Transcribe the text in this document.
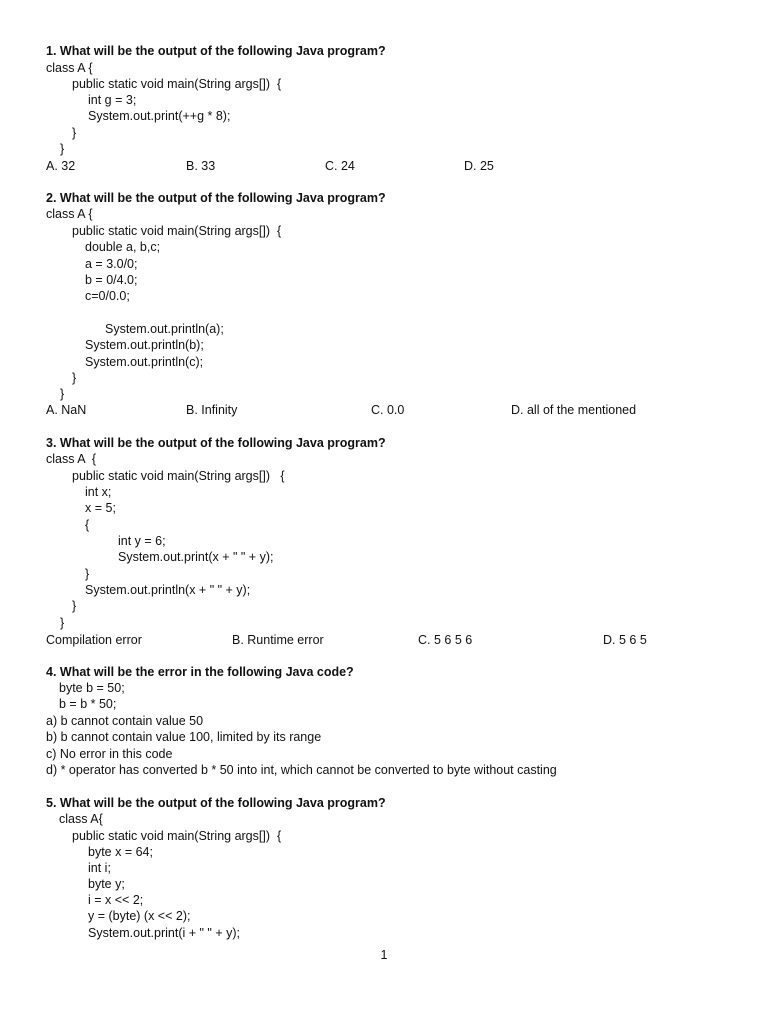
1. What will be the output of the following Java program?
class A {
public static void main(String args[])  {
int g = 3;
System.out.print(++g * 8);
}
}
A. 32	B. 33	C. 24	D. 25
2. What will be the output of the following Java program?
class A {
public static void main(String args[])  {
double a, b,c;
a = 3.0/0;
b = 0/4.0;
c=0/0.0;
System.out.println(a);
System.out.println(b);
System.out.println(c);
}
}
A. NaN	B. Infinity	C. 0.0	D. all of the mentioned
3. What will be the output of the following Java program?
class A  {
public static void main(String args[])   {
int x;
x = 5;
{
int y = 6;
System.out.print(x + " " + y);
}
System.out.println(x + " " + y);
}
}
Compilation error	B. Runtime error	C. 5 6 5 6	D. 5 6 5
4. What will be the error in the following Java code?
byte b = 50;
b = b * 50;
a) b cannot contain value 50
b) b cannot contain value 100, limited by its range
c) No error in this code
d) * operator has converted b * 50 into int, which cannot be converted to byte without casting
5. What will be the output of the following Java program?
class A{
public static void main(String args[])  {
byte x = 64;
int i;
byte y;
i = x << 2;
y = (byte) (x << 2);
System.out.print(i + " " + y);
1
